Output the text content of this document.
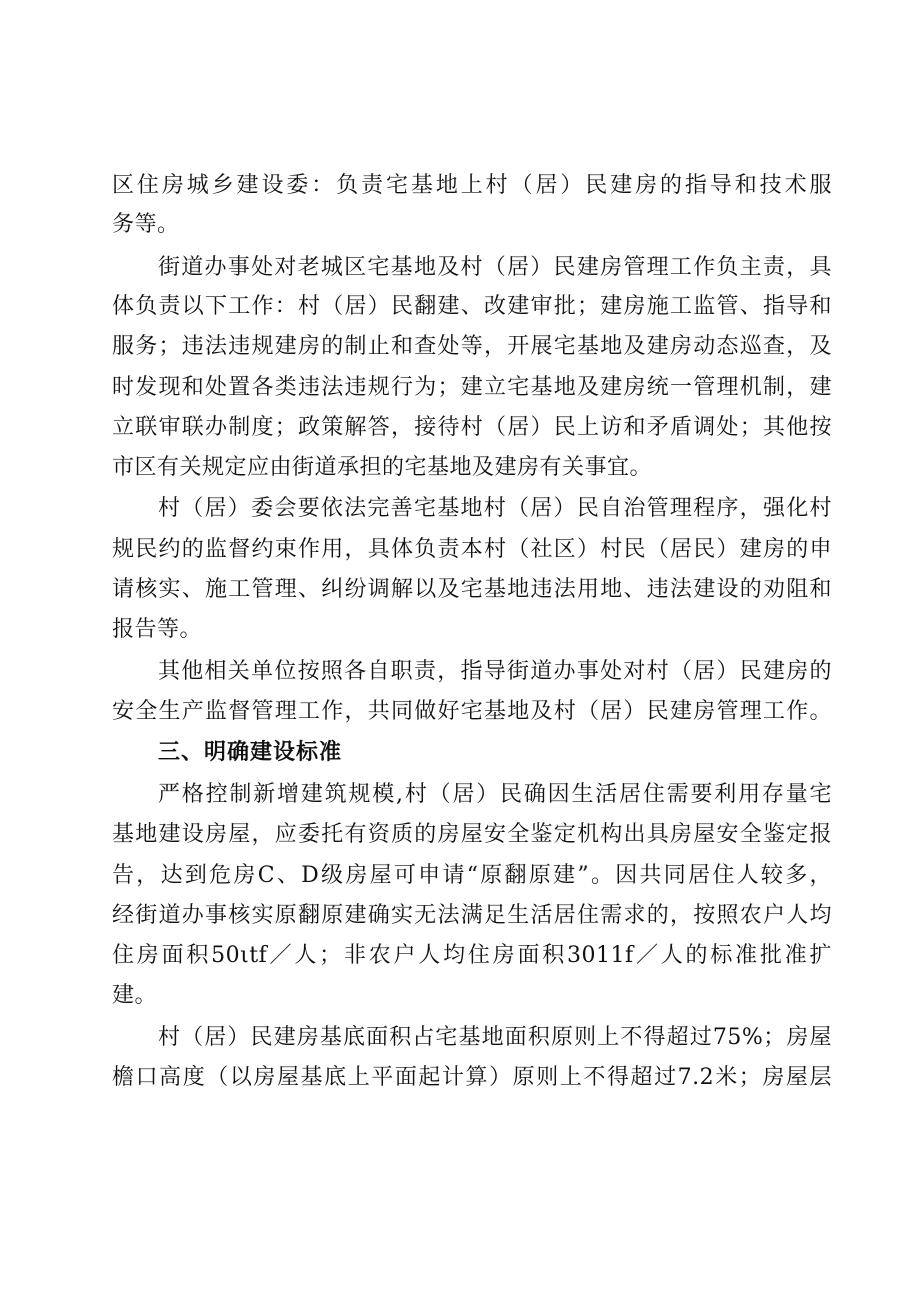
区住房城乡建设委：负责宅基地上村（居）民建房的指导和技术服
务等。
街道办事处对老城区宅基地及村（居）民建房管理工作负主责，具
体负责以下工作：村（居）民翻建、改建审批；建房施工监管、指导和
服务；违法违规建房的制止和查处等，开展宅基地及建房动态巡查，及
时发现和处置各类违法违规行为；建立宅基地及建房统一管理机制，建
立联审联办制度；政策解答，接待村（居）民上访和矛盾调处；其他按
市区有关规定应由街道承担的宅基地及建房有关事宜。
村（居）委会要依法完善宅基地村（居）民自治管理程序，强化村
规民约的监督约束作用，具体负责本村（社区）村民（居民）建房的申
请核实、施工管理、纠纷调解以及宅基地违法用地、违法建设的劝阻和
报告等。
其他相关单位按照各自职责，指导街道办事处对村（居）民建房的
安全生产监督管理工作，共同做好宅基地及村（居）民建房管理工作。
三、明确建设标准
严格控制新增建筑规模,村（居）民确因生活居住需要利用存量宅
基地建设房屋，应委托有资质的房屋安全鉴定机构出具房屋安全鉴定报
告，达到危房C、D级房屋可申请“原翻原建”。因共同居住人较多，
经街道办事核实原翻原建确实无法满足生活居住需求的，按照农户人均
住房面积50ιtf／人；非农户人均住房面积3011f／人的标准批准扩
建。
村（居）民建房基底面积占宅基地面积原则上不得超过75%；房屋
檐口高度（以房屋基底上平面起计算）原则上不得超过7.2米；房屋层
